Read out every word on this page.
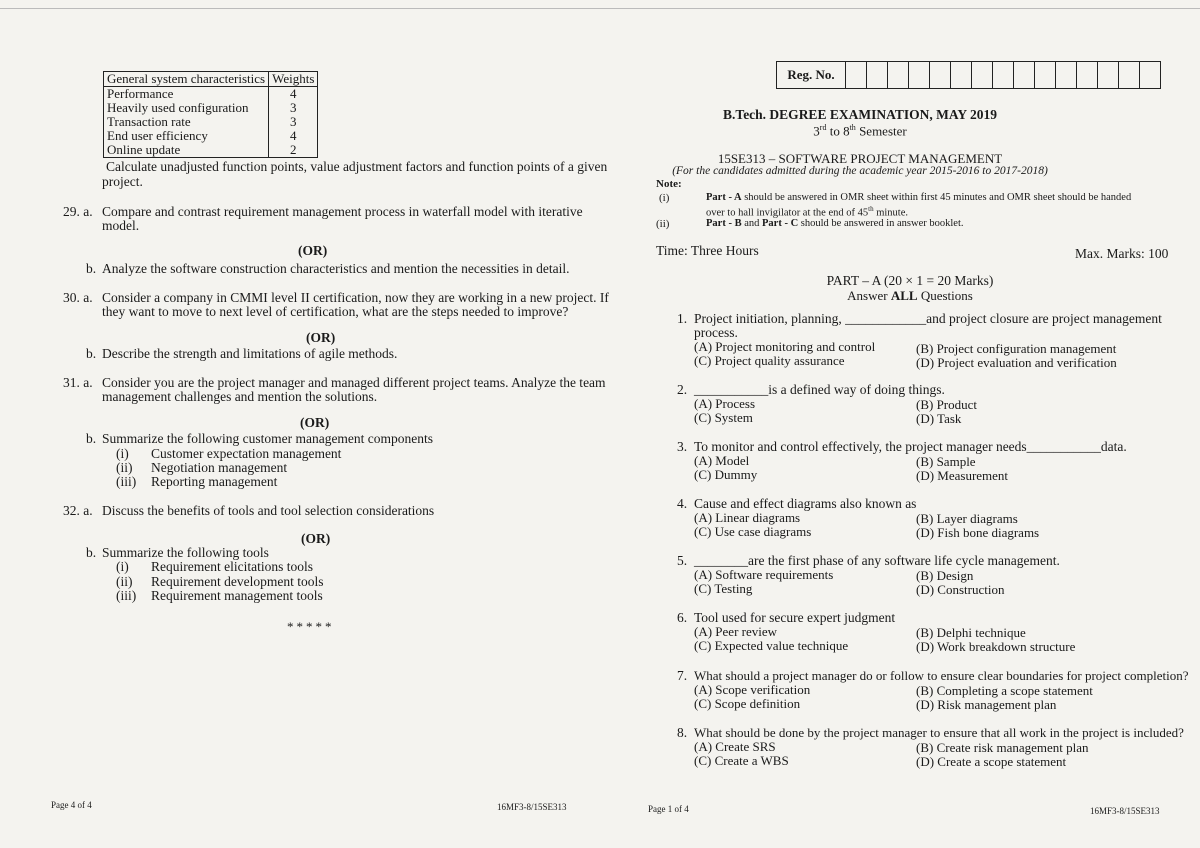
General system characteristics	Weights
Performance	4
Heavily used configuration	3
Transaction rate	3
End user efficiency	4
Online update	2
Calculate unadjusted function points, value adjustment factors and function points of a given
project.
29. a. Compare and contrast requirement management process in waterfall model with iterative
model.
(OR)
b. Analyze the software construction characteristics and mention the necessities in detail.
30. a. Consider a company in CMMI level II certification, now they are working in a new project. If
they want to move to next level of certification, what are the steps needed to improve?
(OR)
b. Describe the strength and limitations of agile methods.
31. a. Consider you are the project manager and managed different project teams. Analyze the team
management challenges and mention the solutions.
(OR)
b. Summarize the following customer management components
(i) Customer expectation management
(ii) Negotiation management
(iii) Reporting management
32. a. Discuss the benefits of tools and tool selection considerations
(OR)
b. Summarize the following tools
(i) Requirement elicitations tools
(ii) Requirement development tools
(iii) Requirement management tools
*****
Page 4 of 4	16MF3-8/15SE313
Reg. No.
B.Tech. DEGREE EXAMINATION, MAY 2019
3rd to 8th Semester
15SE313 – SOFTWARE PROJECT MANAGEMENT
(For the candidates admitted during the academic year 2015-2016 to 2017-2018)
Note:
(i)	Part - A should be answered in OMR sheet within first 45 minutes and OMR sheet should be handed
over to hall invigilator at the end of 45th minute.
(ii)	Part - B and Part - C should be answered in answer booklet.
Time: Three Hours	Max. Marks: 100
PART – A (20 × 1 = 20 Marks)
Answer ALL Questions
1. Project initiation, planning, ____________and project closure are project management
process.
(A) Project monitoring and control	(B) Project configuration management
(C) Project quality assurance	(D) Project evaluation and verification
2. ___________is a defined way of doing things.
(A) Process	(B) Product
(C) System	(D) Task
3. To monitor and control effectively, the project manager needs___________data.
(A) Model	(B) Sample
(C) Dummy	(D) Measurement
4. Cause and effect diagrams also known as
(A) Linear diagrams	(B) Layer diagrams
(C) Use case diagrams	(D) Fish bone diagrams
5. ________are the first phase of any software life cycle management.
(A) Software requirements	(B) Design
(C) Testing	(D) Construction
6. Tool used for secure expert judgment
(A) Peer review	(B) Delphi technique
(C) Expected value technique	(D) Work breakdown structure
7. What should a project manager do or follow to ensure clear boundaries for project completion?
(A) Scope verification	(B) Completing a scope statement
(C) Scope definition	(D) Risk management plan
8. What should be done by the project manager to ensure that all work in the project is included?
(A) Create SRS	(B) Create risk management plan
(C) Create a WBS	(D) Create a scope statement
Page 1 of 4	16MF3-8/15SE313
